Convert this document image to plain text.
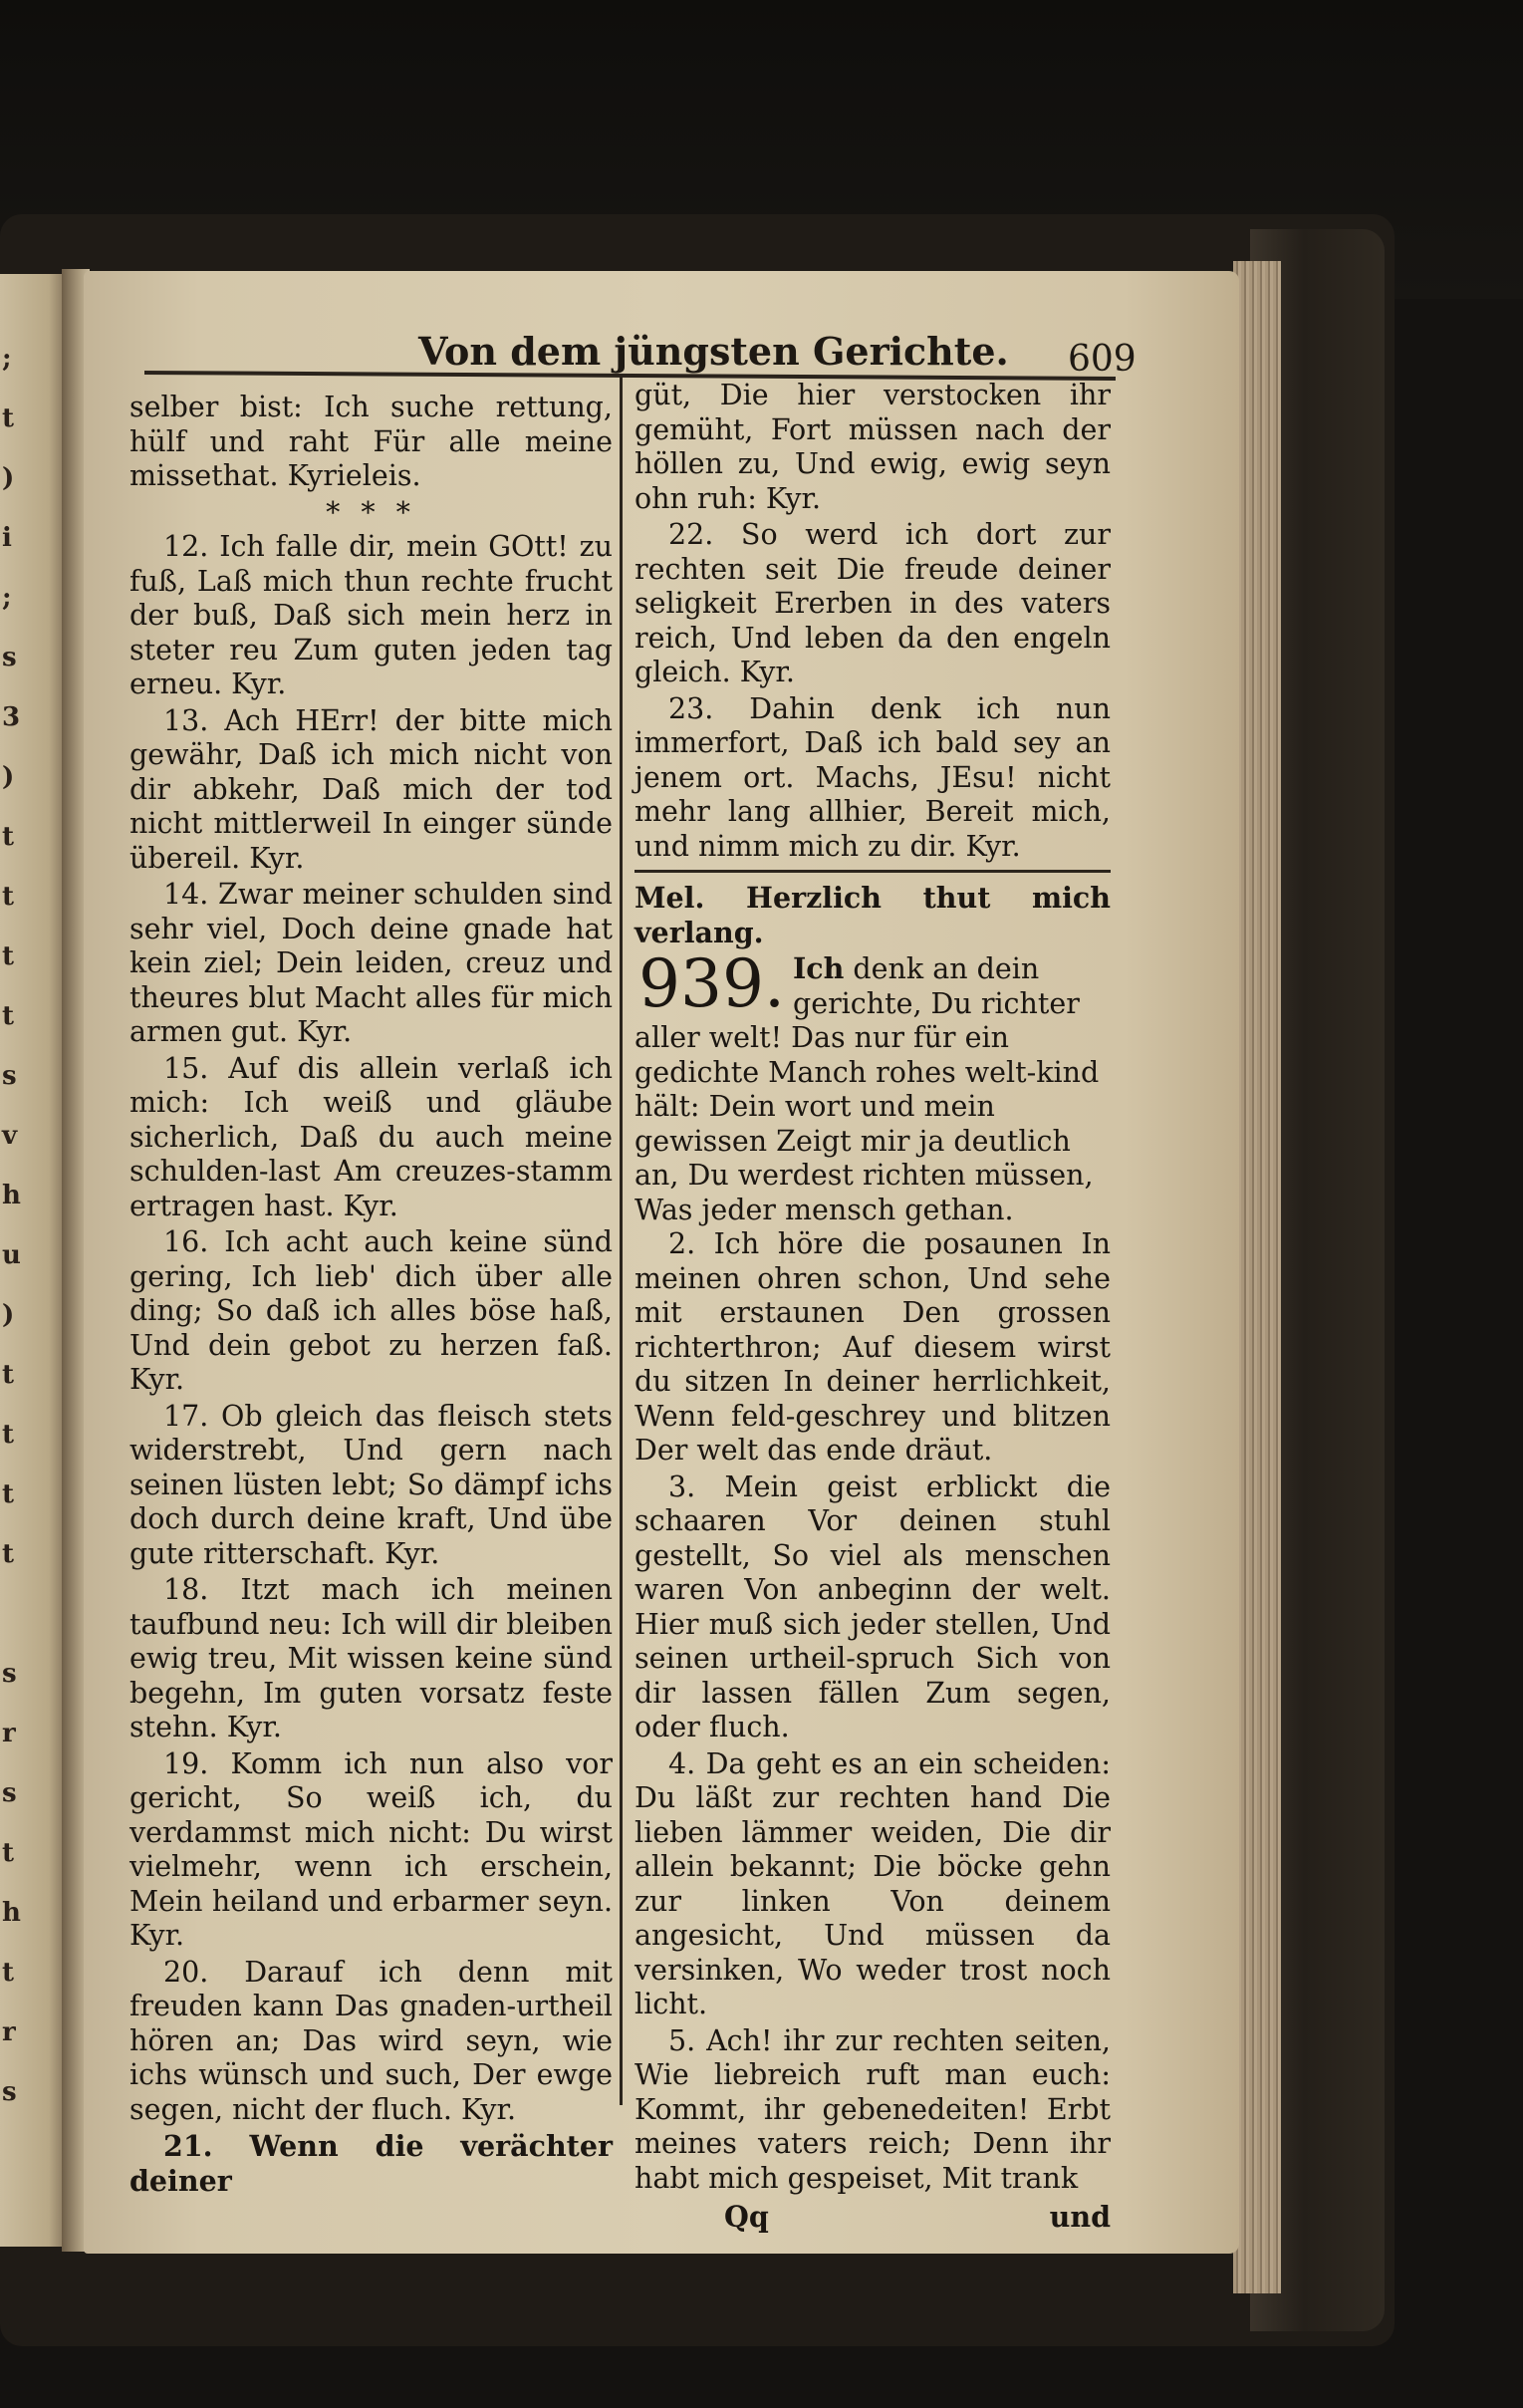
;
t
)
i
;
s
3
)
t
t
t
t
s
v
h
u
)
t
t
t
t

s
r
s
t
h
t
r
s
Von dem jüngsten Gerichte. 609

selber bist: Ich suche rettung, hülf und raht Für alle meine missethat. Kyrieleis.

* * *

12. Ich falle dir, mein GOtt! zu fuß, Laß mich thun rechte frucht der buß, Daß sich mein herz in steter reu Zum guten jeden tag erneu. Kyr.

13. Ach HErr! der bitte mich gewähr, Daß ich mich nicht von dir abkehr, Daß mich der tod nicht mittlerweil In einger sünde übereil. Kyr.

14. Zwar meiner schulden sind sehr viel, Doch deine gnade hat kein ziel; Dein leiden, creuz und theures blut Macht alles für mich armen gut. Kyr.

15. Auf dis allein verlaß ich mich: Ich weiß und gläube sicherlich, Daß du auch meine schulden-last Am creuzes-stamm ertragen hast. Kyr.

16. Ich acht auch keine sünd gering, Ich lieb' dich über alle ding; So daß ich alles böse haß, Und dein gebot zu herzen faß. Kyr.

17. Ob gleich das fleisch stets widerstrebt, Und gern nach seinen lüsten lebt; So dämpf ichs doch durch deine kraft, Und übe gute ritterschaft. Kyr.

18. Itzt mach ich meinen taufbund neu: Ich will dir bleiben ewig treu, Mit wissen keine sünd begehn, Im guten vorsatz feste stehn. Kyr.

19. Komm ich nun also vor gericht, So weiß ich, du verdammst mich nicht: Du wirst vielmehr, wenn ich erschein, Mein heiland und erbarmer seyn. Kyr.

20. Darauf ich denn mit freuden kann Das gnaden-urtheil hören an; Das wird seyn, wie ichs wünsch und such, Der ewge segen, nicht der fluch. Kyr.

21. Wenn die verächter deiner

güt, Die hier verstocken ihr gemüht, Fort müssen nach der höllen zu, Und ewig, ewig seyn ohn ruh: Kyr.

22. So werd ich dort zur rechten seit Die freude deiner seligkeit Ererben in des vaters reich, Und leben da den engeln gleich. Kyr.

23. Dahin denk ich nun immerfort, Daß ich bald sey an jenem ort. Machs, JEsu! nicht mehr lang allhier, Bereit mich, und nimm mich zu dir. Kyr.

Mel. Herzlich thut mich verlang.

939. Ich denk an dein gerichte, Du richter aller welt! Das nur für ein gedichte Manch rohes welt-kind hält: Dein wort und mein gewissen Zeigt mir ja deutlich an, Du werdest richten müssen, Was jeder mensch gethan.

2. Ich höre die posaunen In meinen ohren schon, Und sehe mit erstaunen Den grossen richterthron; Auf diesem wirst du sitzen In deiner herrlichkeit, Wenn feld-geschrey und blitzen Der welt das ende dräut.

3. Mein geist erblickt die schaaren Vor deinen stuhl gestellt, So viel als menschen waren Von anbeginn der welt. Hier muß sich jeder stellen, Und seinen urtheil-spruch Sich von dir lassen fällen Zum segen, oder fluch.

4. Da geht es an ein scheiden: Du läßt zur rechten hand Die lieben lämmer weiden, Die dir allein bekannt; Die böcke gehn zur linken Von deinem angesicht, Und müssen da versinken, Wo weder trost noch licht.

5. Ach! ihr zur rechten seiten, Wie liebreich ruft man euch: Kommt, ihr gebenedeiten! Erbt meines vaters reich; Denn ihr habt mich gespeiset, Mit trank

Qq	und
